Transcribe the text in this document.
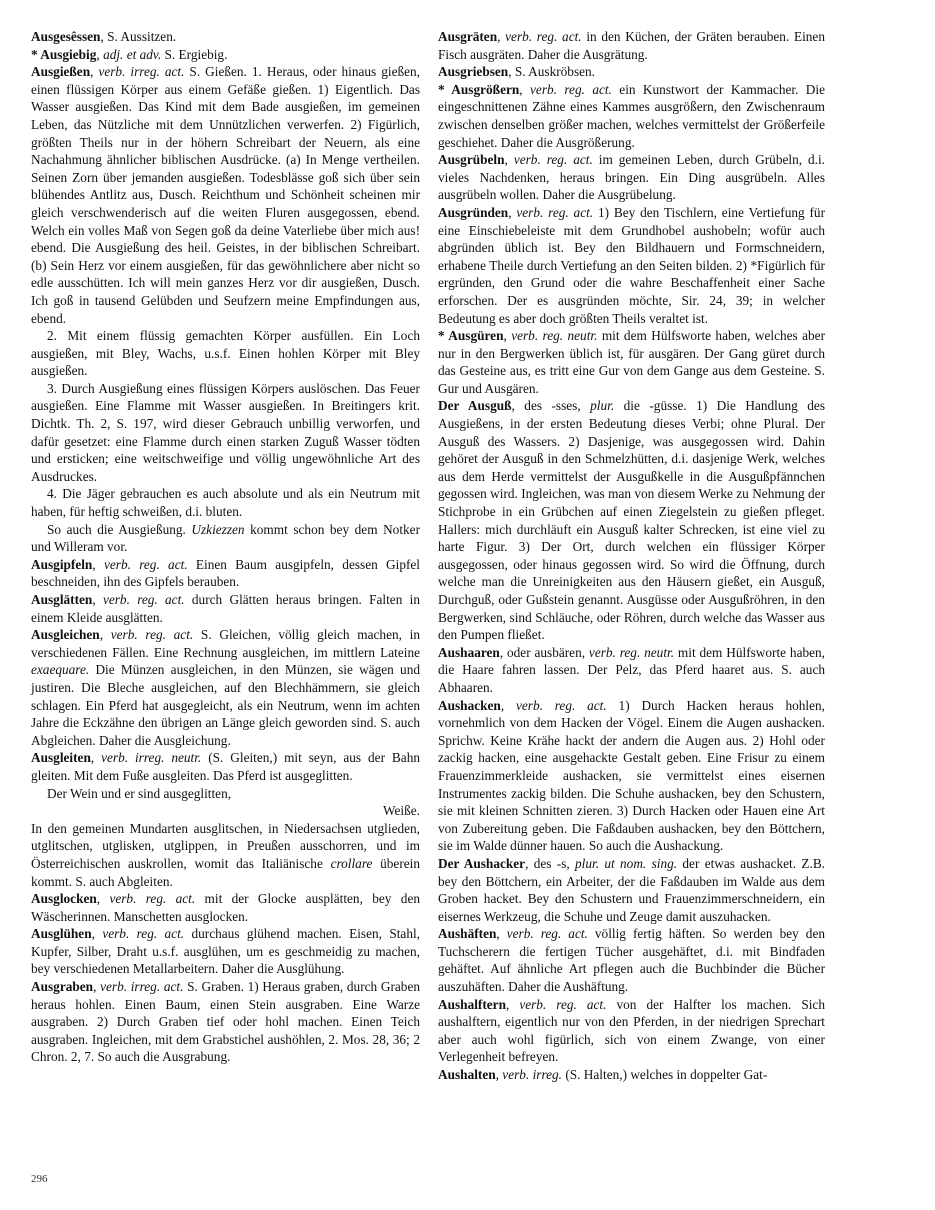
Ausgesêssen, S. Aussitzen.

* Ausgiebig, adj. et adv. S. Ergiebig.

Ausgießen, verb. irreg. act. S. Gießen. 1. Heraus, oder hinaus gießen, einen flüssigen Körper aus einem Gefäße gießen. 1) Eigentlich. Das Wasser ausgießen. Das Kind mit dem Bade ausgießen, im gemeinen Leben, das Nützliche mit dem Unnützlichen verwerfen. 2) Figürlich, größten Theils nur in der höhern Schreibart der Neuern, als eine Nachahmung ähnlicher biblischen Ausdrücke. (a) In Menge vertheilen. Seinen Zorn über jemanden ausgießen. Todesblässe goß sich über sein blühendes Antlitz aus, Dusch. Reichthum und Schönheit scheinen mir gleich verschwenderisch auf die weiten Fluren ausgegossen, ebend. Welch ein volles Maß von Segen goß da deine Vaterliebe über mich aus! ebend. Die Ausgießung des heil. Geistes, in der biblischen Schreibart. (b) Sein Herz vor einem ausgießen, für das gewöhnlichere aber nicht so edle ausschütten. Ich will mein ganzes Herz vor dir ausgießen, Dusch. Ich goß in tausend Gelübden und Seufzern meine Empfindungen aus, ebend.

2. Mit einem flüssig gemachten Körper ausfüllen. Ein Loch ausgießen, mit Bley, Wachs, u.s.f. Einen hohlen Körper mit Bley ausgießen.

3. Durch Ausgießung eines flüssigen Körpers auslöschen. Das Feuer ausgießen. Eine Flamme mit Wasser ausgießen. In Breitingers krit. Dichtk. Th. 2, S. 197, wird dieser Gebrauch unbillig verworfen, und dafür gesetzet: eine Flamme durch einen starken Zuguß Wasser tödten und ersticken; eine weitschweifige und völlig ungewöhnliche Art des Ausdruckes.

4. Die Jäger gebrauchen es auch absolute und als ein Neutrum mit haben, für heftig schweißen, d.i. bluten.

So auch die Ausgießung. Uzkiezzen kommt schon bey dem Notker und Willeram vor.

Ausgipfeln, verb. reg. act. Einen Baum ausgipfeln, dessen Gipfel beschneiden, ihn des Gipfels berauben.

Ausglätten, verb. reg. act. durch Glätten heraus bringen. Falten in einem Kleide ausglätten.

Ausgleichen, verb. reg. act. S. Gleichen, völlig gleich machen, in verschiedenen Fällen. Eine Rechnung ausgleichen, im mittlern Lateine exaequare. Die Münzen ausgleichen, in den Münzen, sie wägen und justiren. Die Bleche ausgleichen, auf den Blechhämmern, sie gleich schlagen. Ein Pferd hat ausgegleicht, als ein Neutrum, wenn im achten Jahre die Eckzähne den übrigen an Länge gleich geworden sind. S. auch Abgleichen. Daher die Ausgleichung.

Ausgleiten, verb. irreg. neutr. (S. Gleiten,) mit seyn, aus der Bahn gleiten. Mit dem Fuße ausgleiten. Das Pferd ist ausgeglitten.

Der Wein und er sind ausgeglitten,

Weiße.

In den gemeinen Mundarten ausglitschen, in Niedersachsen utglieden, utglitschen, utglisken, utglippen, in Preußen ausschorren, und im Österreichischen auskrollen, womit das Italiänische crollare überein kommt. S. auch Abgleiten.

Ausglocken, verb. reg. act. mit der Glocke ausplätten, bey den Wäscherinnen. Manschetten ausglocken.

Ausglühen, verb. reg. act. durchaus glühend machen. Eisen, Stahl, Kupfer, Silber, Draht u.s.f. ausglühen, um es geschmeidig zu machen, bey verschiedenen Metallarbeitern. Daher die Ausglühung.

Ausgraben, verb. irreg. act. S. Graben. 1) Heraus graben, durch Graben heraus hohlen. Einen Baum, einen Stein ausgraben. Eine Warze ausgraben. 2) Durch Graben tief oder hohl machen. Einen Teich ausgraben. Ingleichen, mit dem Grabstichel aushöhlen, 2. Mos. 28, 36; 2 Chron. 2, 7. So auch die Ausgrabung.

Ausgräten, verb. reg. act. in den Küchen, der Gräten berauben. Einen Fisch ausgräten. Daher die Ausgrätung.

Ausgriebsen, S. Auskröbsen.

* Ausgrößern, verb. reg. act. ein Kunstwort der Kammacher. Die eingeschnittenen Zähne eines Kammes ausgrößern, den Zwischenraum zwischen denselben größer machen, welches vermittelst der Größerfeile geschiehet. Daher die Ausgrößerung.

Ausgrübeln, verb. reg. act. im gemeinen Leben, durch Grübeln, d.i. vieles Nachdenken, heraus bringen. Ein Ding ausgrübeln. Alles ausgrübeln wollen. Daher die Ausgrübelung.

Ausgründen, verb. reg. act. 1) Bey den Tischlern, eine Vertiefung für eine Einschiebeleiste mit dem Grundhobel aushobeln; wofür auch abgründen üblich ist. Bey den Bildhauern und Formschneidern, erhabene Theile durch Vertiefung an den Seiten bilden. 2) *Figürlich für ergründen, den Grund oder die wahre Beschaffenheit einer Sache erforschen. Der es ausgründen möchte, Sir. 24, 39; in welcher Bedeutung es aber doch größten Theils veraltet ist.

* Ausgüren, verb. reg. neutr. mit dem Hülfsworte haben, welches aber nur in den Bergwerken üblich ist, für ausgären. Der Gang güret durch das Gesteine aus, es tritt eine Gur von dem Gange aus dem Gesteine. S. Gur und Ausgären.

Der Ausguß, des -sses, plur. die -güsse. 1) Die Handlung des Ausgießens, in der ersten Bedeutung dieses Verbi; ohne Plural. Der Ausguß des Wassers. 2) Dasjenige, was ausgegossen wird. Dahin gehöret der Ausguß in den Schmelzhütten, d.i. dasjenige Werk, welches aus dem Herde vermittelst der Ausgußkelle in die Ausgußpfännchen gegossen wird. Ingleichen, was man von diesem Werke zu Nehmung der Stichprobe in ein Grübchen auf einen Ziegelstein zu gießen pfleget. Hallers: mich durchläuft ein Ausguß kalter Schrecken, ist eine viel zu harte Figur. 3) Der Ort, durch welchen ein flüssiger Körper ausgegossen, oder hinaus gegossen wird. So wird die Öffnung, durch welche man die Unreinigkeiten aus den Häusern gießet, ein Ausguß, Durchguß, oder Gußstein genannt. Ausgüsse oder Ausgußröhren, in den Bergwerken, sind Schläuche, oder Röhren, durch welche das Wasser aus den Pumpen fließet.

Aushaaren, oder ausbären, verb. reg. neutr. mit dem Hülfsworte haben, die Haare fahren lassen. Der Pelz, das Pferd haaret aus. S. auch Abhaaren.

Aushacken, verb. reg. act. 1) Durch Hacken heraus hohlen, vornehmlich von dem Hacken der Vögel. Einem die Augen aushacken. Sprichw. Keine Krähe hackt der andern die Augen aus. 2) Hohl oder zackig hacken, eine ausgehackte Gestalt geben. Eine Frisur zu einem Frauenzimmerkleide aushacken, sie vermittelst eines eisernen Instrumentes zackig bilden. Die Schuhe aushacken, bey den Schustern, sie mit kleinen Schnitten zieren. 3) Durch Hacken oder Hauen eine Art von Zubereitung geben. Die Faßdauben aushacken, bey den Böttchern, sie im Walde dünner hauen. So auch die Aushackung.

Der Aushacker, des -s, plur. ut nom. sing. der etwas aushacket. Z.B. bey den Böttchern, ein Arbeiter, der die Faßdauben im Walde aus dem Groben hacket. Bey den Schustern und Frauenzimmerschneidern, ein eisernes Werkzeug, die Schuhe und Zeuge damit auszuhacken.

Aushäften, verb. reg. act. völlig fertig häften. So werden bey den Tuchscherern die fertigen Tücher ausgehäftet, d.i. mit Bindfaden gehäftet. Auf ähnliche Art pflegen auch die Buchbinder die Bücher auszuhäften. Daher die Aushäftung.

Aushalftern, verb. reg. act. von der Halfter los machen. Sich aushalftern, eigentlich nur von den Pferden, in der niedrigen Sprechart aber auch wohl figürlich, sich von einem Zwange, von einer Verlegenheit befreyen.

Aushalten, verb. irreg. (S. Halten,) welches in doppelter Gat-

296
